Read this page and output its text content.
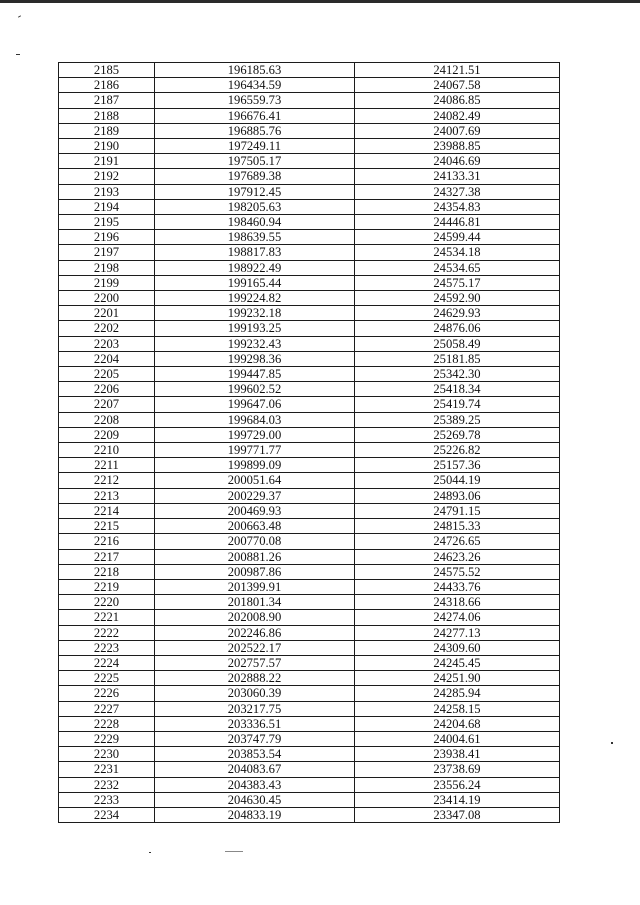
2185	196185.63	24121.51
2186	196434.59	24067.58
2187	196559.73	24086.85
2188	196676.41	24082.49
2189	196885.76	24007.69
2190	197249.11	23988.85
2191	197505.17	24046.69
2192	197689.38	24133.31
2193	197912.45	24327.38
2194	198205.63	24354.83
2195	198460.94	24446.81
2196	198639.55	24599.44
2197	198817.83	24534.18
2198	198922.49	24534.65
2199	199165.44	24575.17
2200	199224.82	24592.90
2201	199232.18	24629.93
2202	199193.25	24876.06
2203	199232.43	25058.49
2204	199298.36	25181.85
2205	199447.85	25342.30
2206	199602.52	25418.34
2207	199647.06	25419.74
2208	199684.03	25389.25
2209	199729.00	25269.78
2210	199771.77	25226.82
2211	199899.09	25157.36
2212	200051.64	25044.19
2213	200229.37	24893.06
2214	200469.93	24791.15
2215	200663.48	24815.33
2216	200770.08	24726.65
2217	200881.26	24623.26
2218	200987.86	24575.52
2219	201399.91	24433.76
2220	201801.34	24318.66
2221	202008.90	24274.06
2222	202246.86	24277.13
2223	202522.17	24309.60
2224	202757.57	24245.45
2225	202888.22	24251.90
2226	203060.39	24285.94
2227	203217.75	24258.15
2228	203336.51	24204.68
2229	203747.79	24004.61
2230	203853.54	23938.41
2231	204083.67	23738.69
2232	204383.43	23556.24
2233	204630.45	23414.19
2234	204833.19	23347.08
